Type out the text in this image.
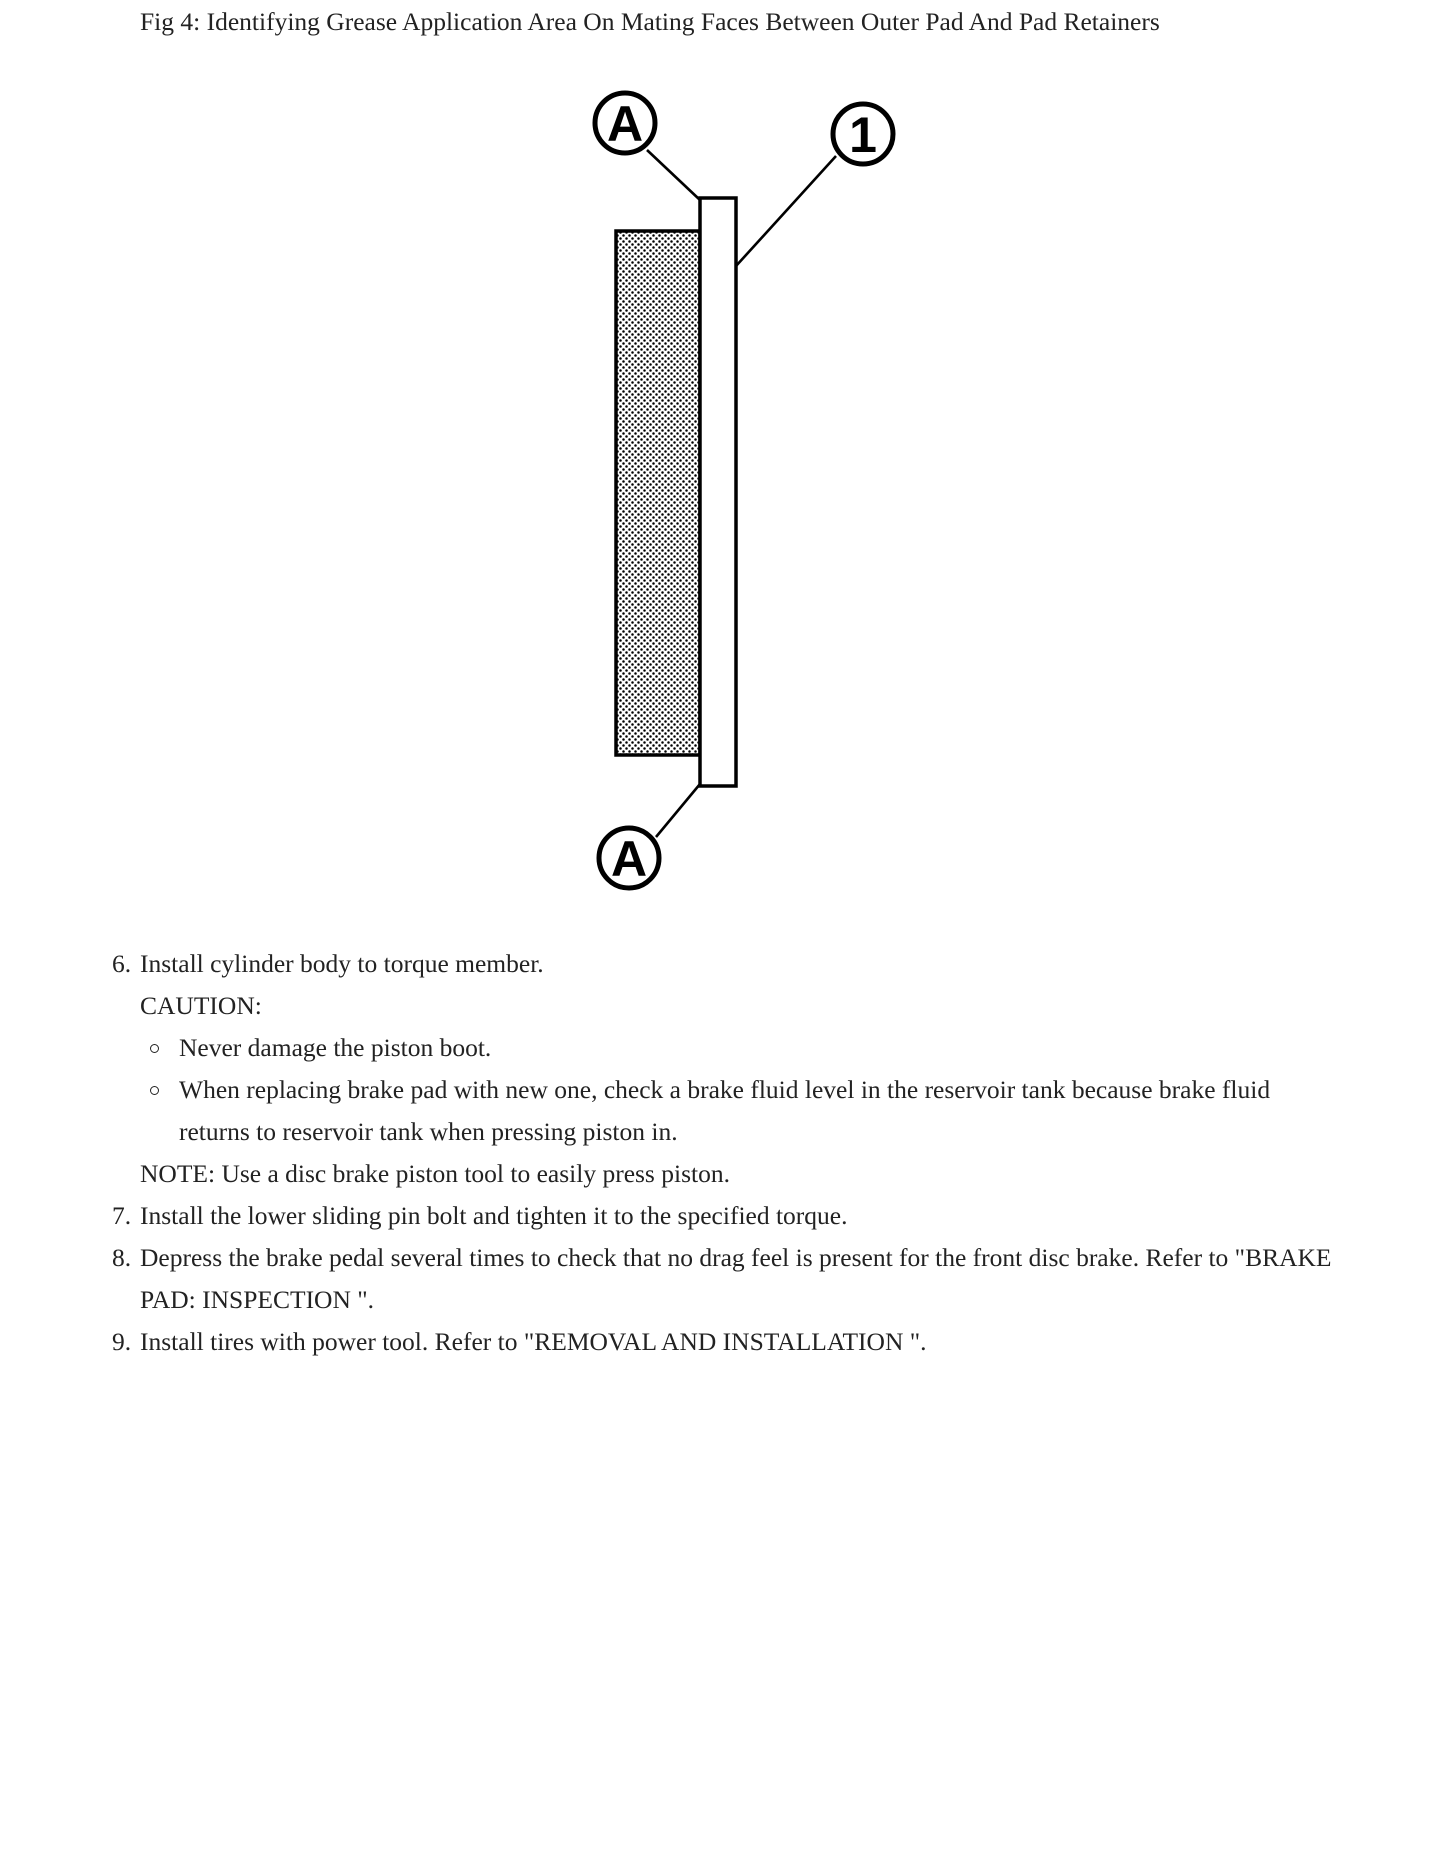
Fig 4: Identifying Grease Application Area On Mating Faces Between Outer Pad And Pad Retainers
A	1
A
6. Install cylinder body to torque member.
CAUTION:
Never damage the piston boot.
When replacing brake pad with new one, check a brake fluid level in the reservoir tank because brake fluid returns to reservoir tank when pressing piston in.
NOTE: Use a disc brake piston tool to easily press piston.
7. Install the lower sliding pin bolt and tighten it to the specified torque.
8. Depress the brake pedal several times to check that no drag feel is present for the front disc brake. Refer to "BRAKE PAD: INSPECTION ".
9. Install tires with power tool. Refer to "REMOVAL AND INSTALLATION ".
